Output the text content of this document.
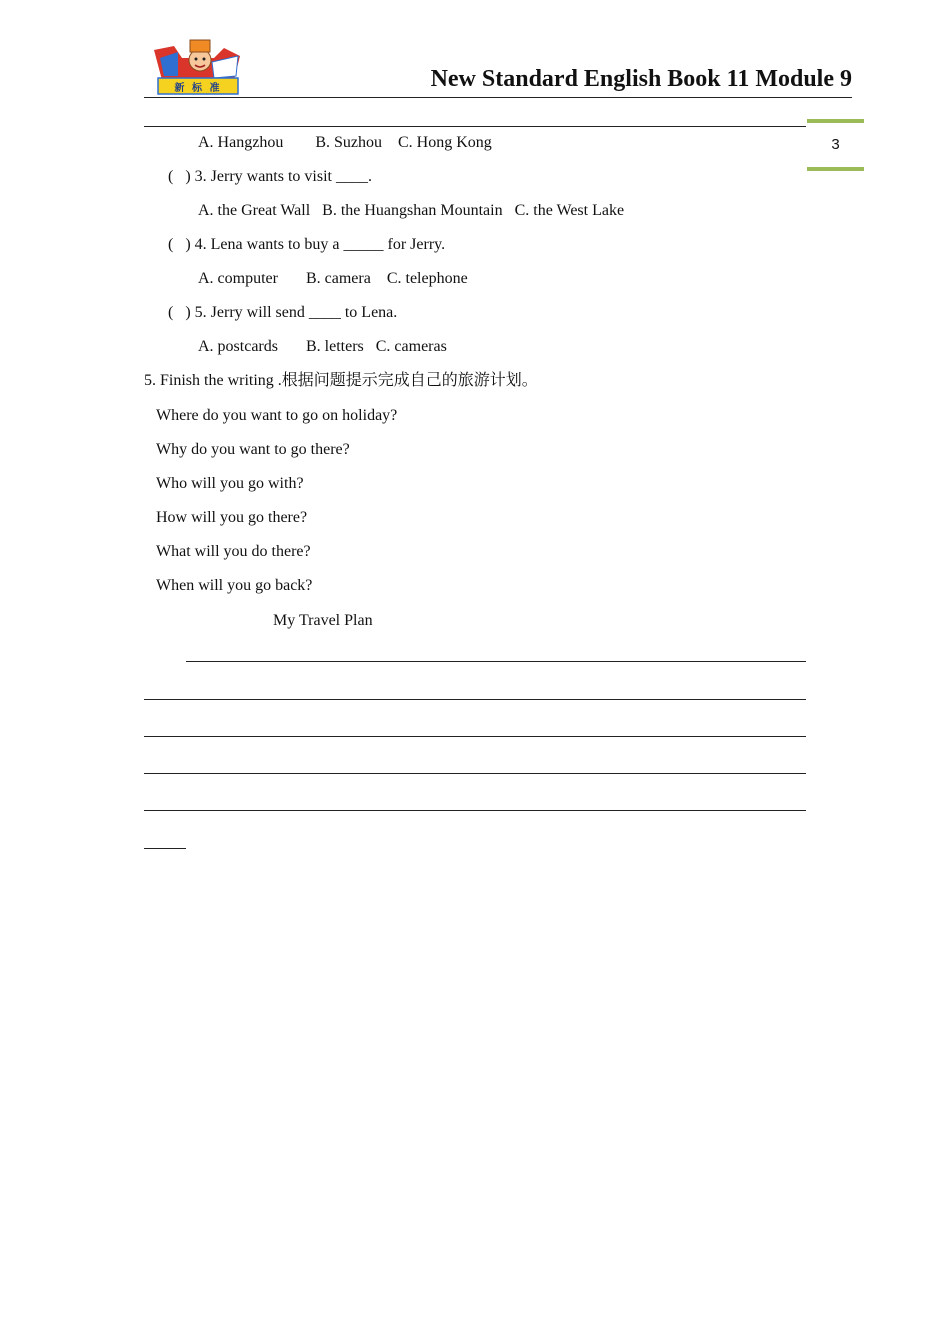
新 标 准	New Standard English Book 11 Module 9
3
A. Hangzhou        B. Suzhou    C. Hong Kong
(   ) 3. Jerry wants to visit ____.
A. the Great Wall   B. the Huangshan Mountain   C. the West Lake
(   ) 4. Lena wants to buy a _____ for Jerry.
A. computer       B. camera    C. telephone
(   ) 5. Jerry will send ____ to Lena.
A. postcards       B. letters   C. cameras
5. Finish the writing .根据问题提示完成自己的旅游计划。
Where do you want to go on holiday?
Why do you want to go there?
Who will you go with?
How will you go there?
What will you do there?
When will you go back?
My Travel Plan
